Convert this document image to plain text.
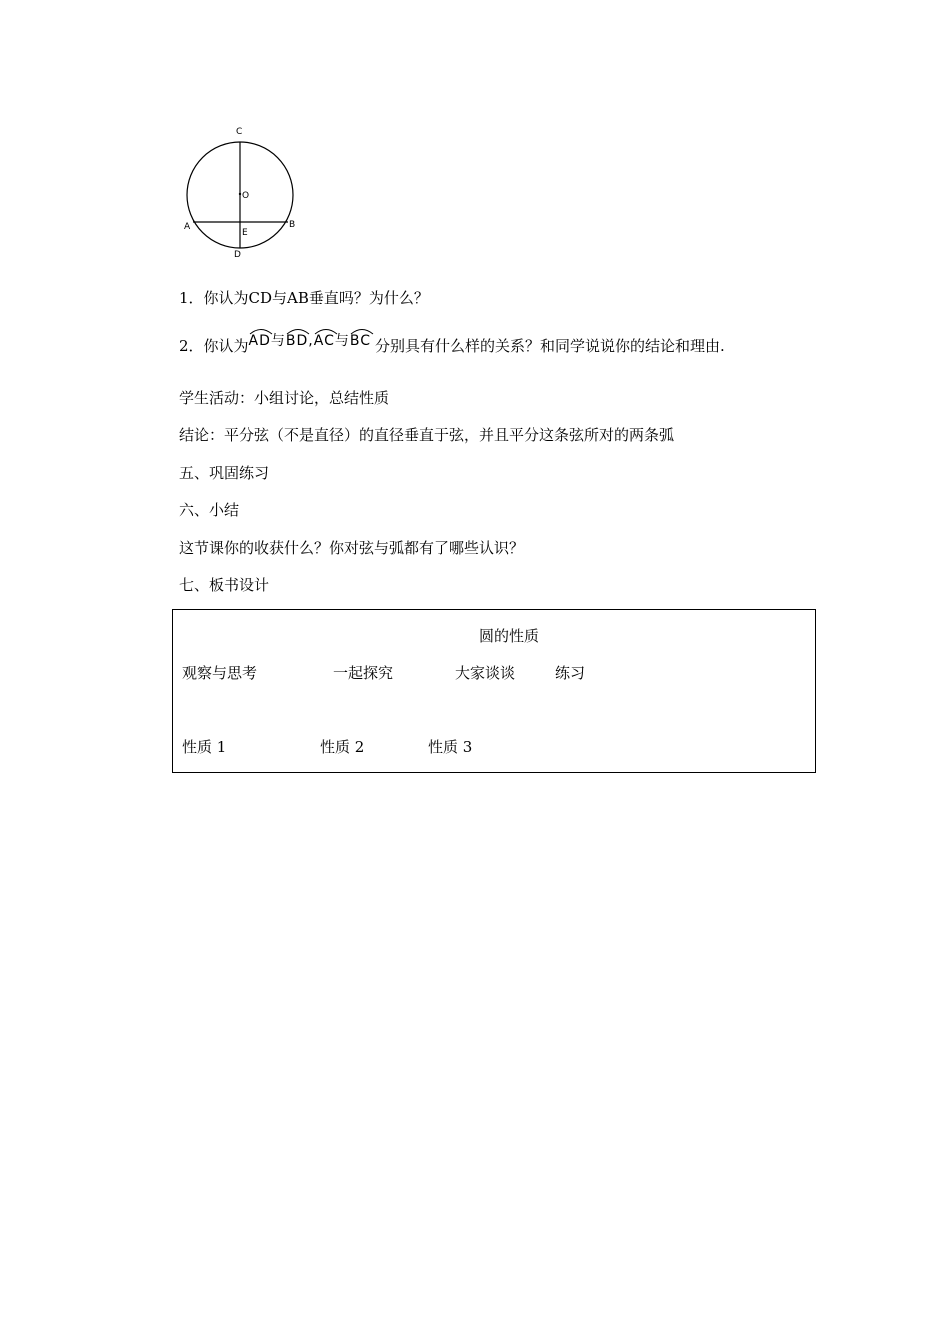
C
O
A	B
E
D
1．你认为CD与AB垂直吗？为什么？
2．你认为
AD与
BD,
AC与
BC 分别具有什么样的关系？和同学说说你的结论和理由.
学生活动：小组讨论，总结性质
结论：平分弦（不是直径）的直径垂直于弦，并且平分这条弦所对的两条弧
五、巩固练习
六、小结
这节课你的收获什么？你对弦与弧都有了哪些认识？
七、板书设计
圆的性质
观察与思考	一起探究	大家谈谈	练习
性质 1	性质 2	性质 3
